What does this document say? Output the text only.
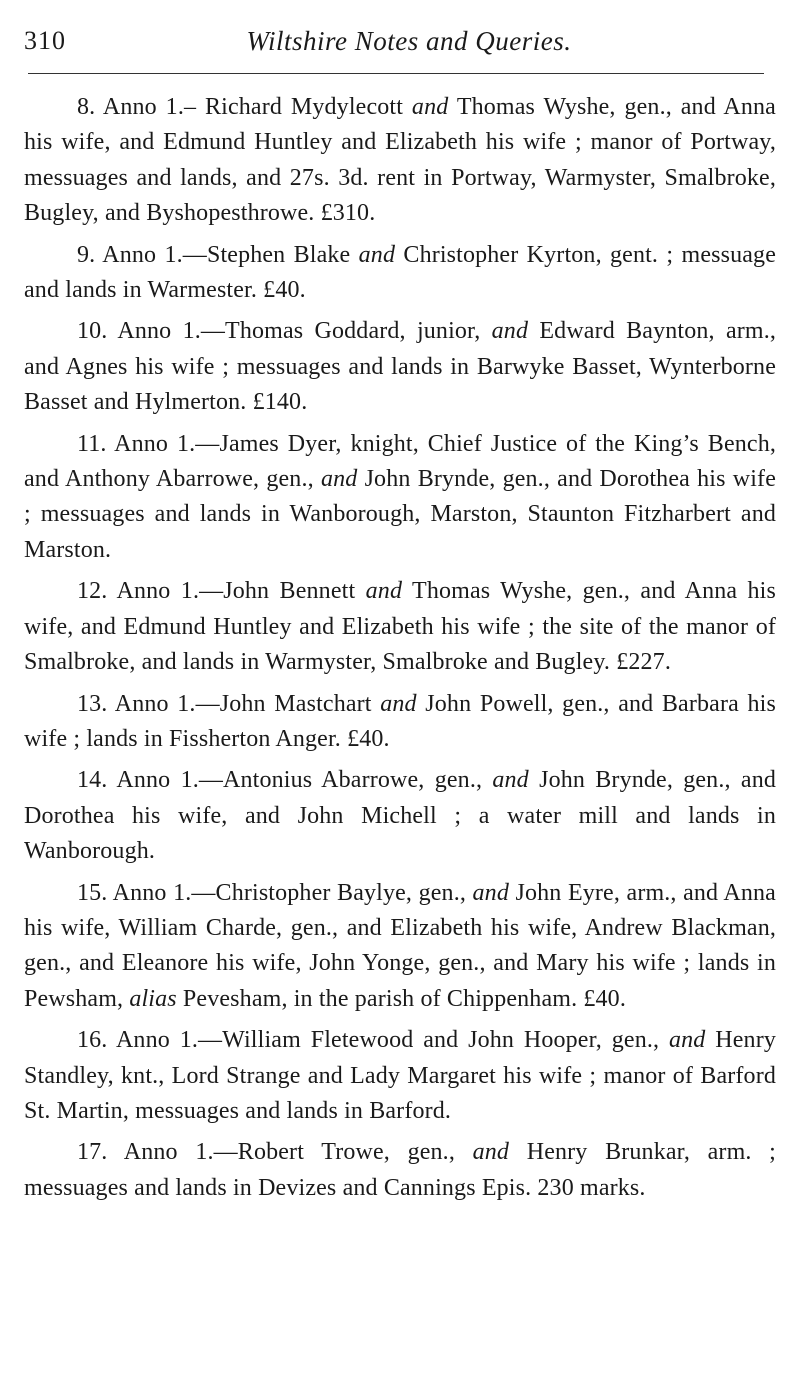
310	Wiltshire Notes and Queries.

8. Anno 1.– Richard Mydylecott and Thomas Wyshe, gen., and Anna his wife, and Edmund Huntley and Elizabeth his wife ; manor of Portway, messuages and lands, and 27s. 3d. rent in Portway, Warmyster, Smalbroke, Bugley, and Byshopesthrowe. £310.

9. Anno 1.—Stephen Blake and Christopher Kyrton, gent. ; messuage and lands in Warmester. £40.

10. Anno 1.—Thomas Goddard, junior, and Edward Baynton, arm., and Agnes his wife ; messuages and lands in Barwyke Basset, Wynterborne Basset and Hylmerton. £140.

11. Anno 1.—James Dyer, knight, Chief Justice of the King’s Bench, and Anthony Abarrowe, gen., and John Brynde, gen., and Dorothea his wife ; messuages and lands in Wanborough, Marston, Staunton Fitzharbert and Marston.

12. Anno 1.—John Bennett and Thomas Wyshe, gen., and Anna his wife, and Edmund Huntley and Elizabeth his wife ; the site of the manor of Smalbroke, and lands in Warmyster, Smalbroke and Bugley. £227.

13. Anno 1.—John Mastchart and John Powell, gen., and Barbara his wife ; lands in Fissherton Anger. £40.

14. Anno 1.—Antonius Abarrowe, gen., and John Brynde, gen., and Dorothea his wife, and John Michell ; a water mill and lands in Wanborough.

15. Anno 1.—Christopher Baylye, gen., and John Eyre, arm., and Anna his wife, William Charde, gen., and Elizabeth his wife, Andrew Blackman, gen., and Eleanore his wife, John Yonge, gen., and Mary his wife ; lands in Pewsham, alias Pevesham, in the parish of Chippenham. £40.

16. Anno 1.—William Fletewood and John Hooper, gen., and Henry Standley, knt., Lord Strange and Lady Margaret his wife ; manor of Barford St. Martin, messuages and lands in Barford.

17. Anno 1.—Robert Trowe, gen., and Henry Brunkar, arm. ; messuages and lands in Devizes and Cannings Epis. 230 marks.
